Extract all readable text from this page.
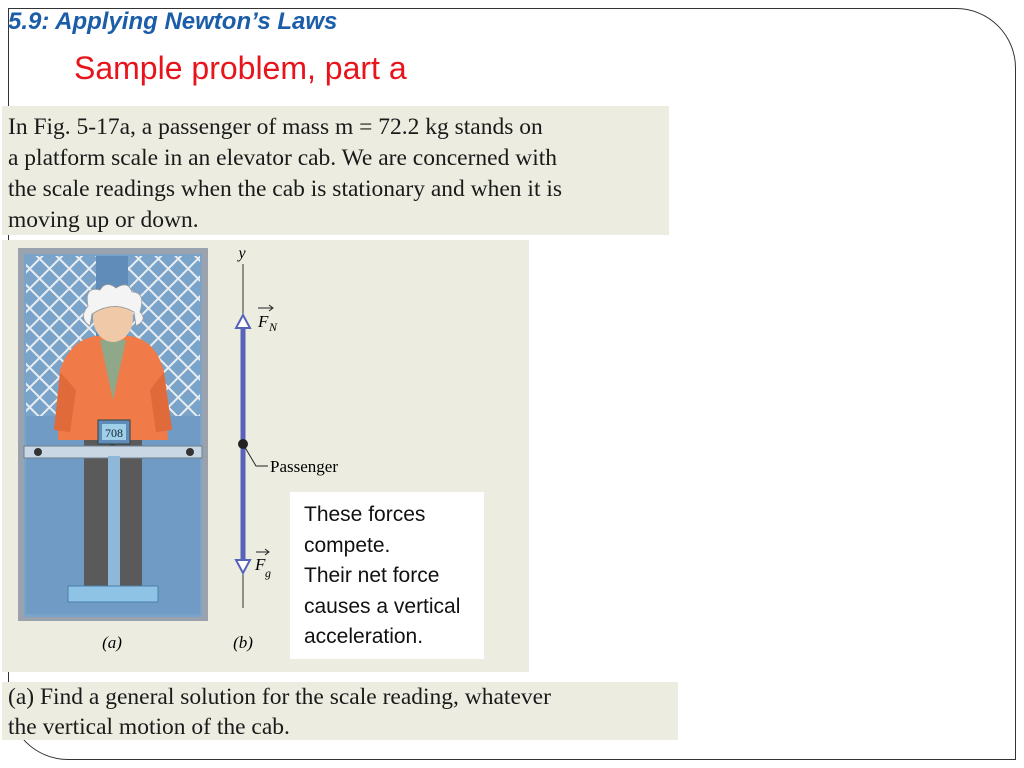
5.9: Applying Newton’s Laws
Sample problem, part a
In Fig. 5-17a, a passenger of mass m = 72.2 kg stands on
a platform scale in an elevator cab. We are concerned with
the scale readings when the cab is stationary and when it is
moving up or down.
708
y
F N
F g
Passenger
(a)	(b)
These forces
compete.
Their net force
causes a vertical
acceleration.
(a) Find a general solution for the scale reading, whatever
the vertical motion of the cab.
